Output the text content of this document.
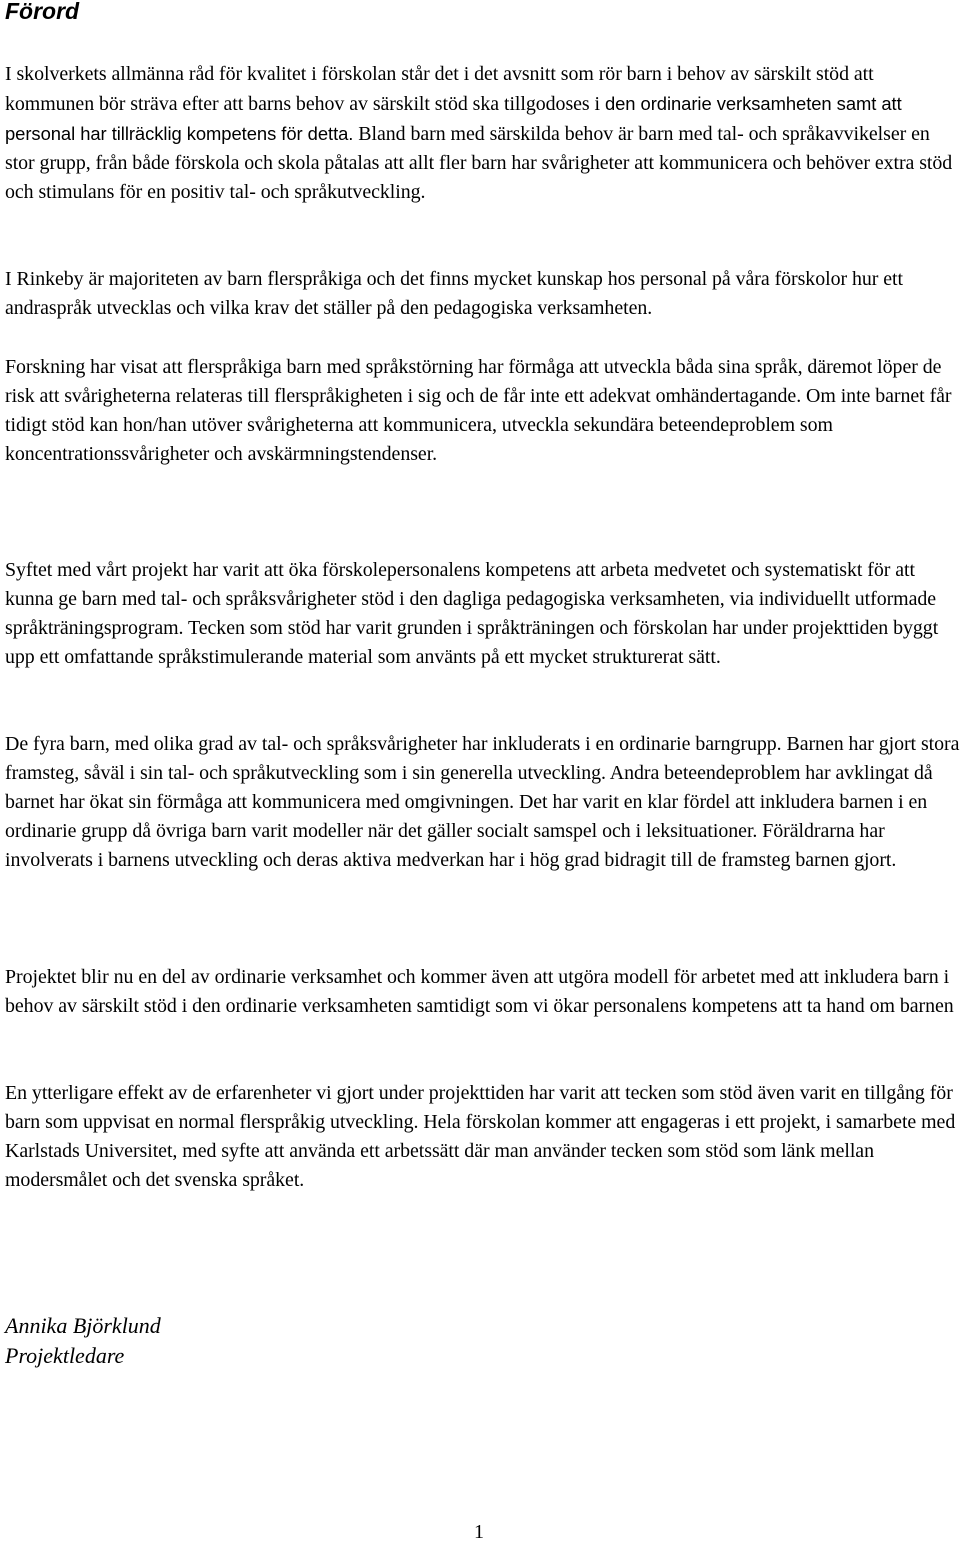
Förord

I skolverkets allmänna råd för kvalitet i förskolan står det i det avsnitt som rör barn i behov av särskilt stöd att kommunen bör sträva efter att barns behov av särskilt stöd ska tillgodoses i den ordinarie verksamheten samt att personal har tillräcklig kompetens för detta. Bland barn med särskilda behov är barn med tal- och språkavvikelser en stor grupp, från både förskola och skola påtalas att allt fler barn har svårigheter att kommunicera och behöver extra stöd och stimulans för en positiv tal- och språkutveckling.

I Rinkeby är majoriteten av barn flerspråkiga och det finns mycket kunskap hos personal på våra förskolor hur ett andraspråk utvecklas och vilka krav det ställer på den pedagogiska verksamheten.

Forskning har visat att flerspråkiga barn med språkstörning har förmåga att utveckla båda sina språk, däremot löper de risk att svårigheterna relateras till flerspråkigheten i sig och de får inte ett adekvat omhändertagande. Om inte barnet får tidigt stöd kan hon/han utöver svårigheterna att kommunicera, utveckla sekundära beteendeproblem som koncentrationssvårigheter och avskärmningstendenser.

Syftet med vårt projekt har varit att öka förskolepersonalens kompetens att arbeta medvetet och systematiskt för att kunna ge barn med tal- och språksvårigheter stöd i den dagliga pedagogiska verksamheten, via individuellt utformade språkträningsprogram. Tecken som stöd har varit grunden i språkträningen och förskolan har under projekttiden byggt upp ett omfattande språkstimulerande material som använts på ett mycket strukturerat sätt.

De fyra barn, med olika grad av tal- och språksvårigheter har inkluderats i en ordinarie barngrupp. Barnen har gjort stora framsteg, såväl i sin tal- och språkutveckling som i sin generella utveckling. Andra beteendeproblem har avklingat då barnet har ökat sin förmåga att kommunicera med omgivningen. Det har varit en klar fördel att inkludera barnen i en ordinarie grupp då övriga barn varit modeller när det gäller socialt samspel och i leksituationer. Föräldrarna har involverats i barnens utveckling och deras aktiva medverkan har i hög grad bidragit till de framsteg barnen gjort.

Projektet blir nu en del av ordinarie verksamhet och kommer även att utgöra modell för arbetet med att inkludera barn i behov av särskilt stöd i den ordinarie verksamheten samtidigt som vi ökar personalens kompetens att ta hand om barnen

En ytterligare effekt av de erfarenheter vi gjort under projekttiden har varit att tecken som stöd även varit en tillgång för barn som uppvisat en normal flerspråkig utveckling. Hela förskolan kommer att engageras i ett projekt, i samarbete med Karlstads Universitet, med syfte att använda ett arbetssätt där man använder tecken som stöd som länk mellan modersmålet och det svenska språket.

Annika Björklund
Projektledare

1
